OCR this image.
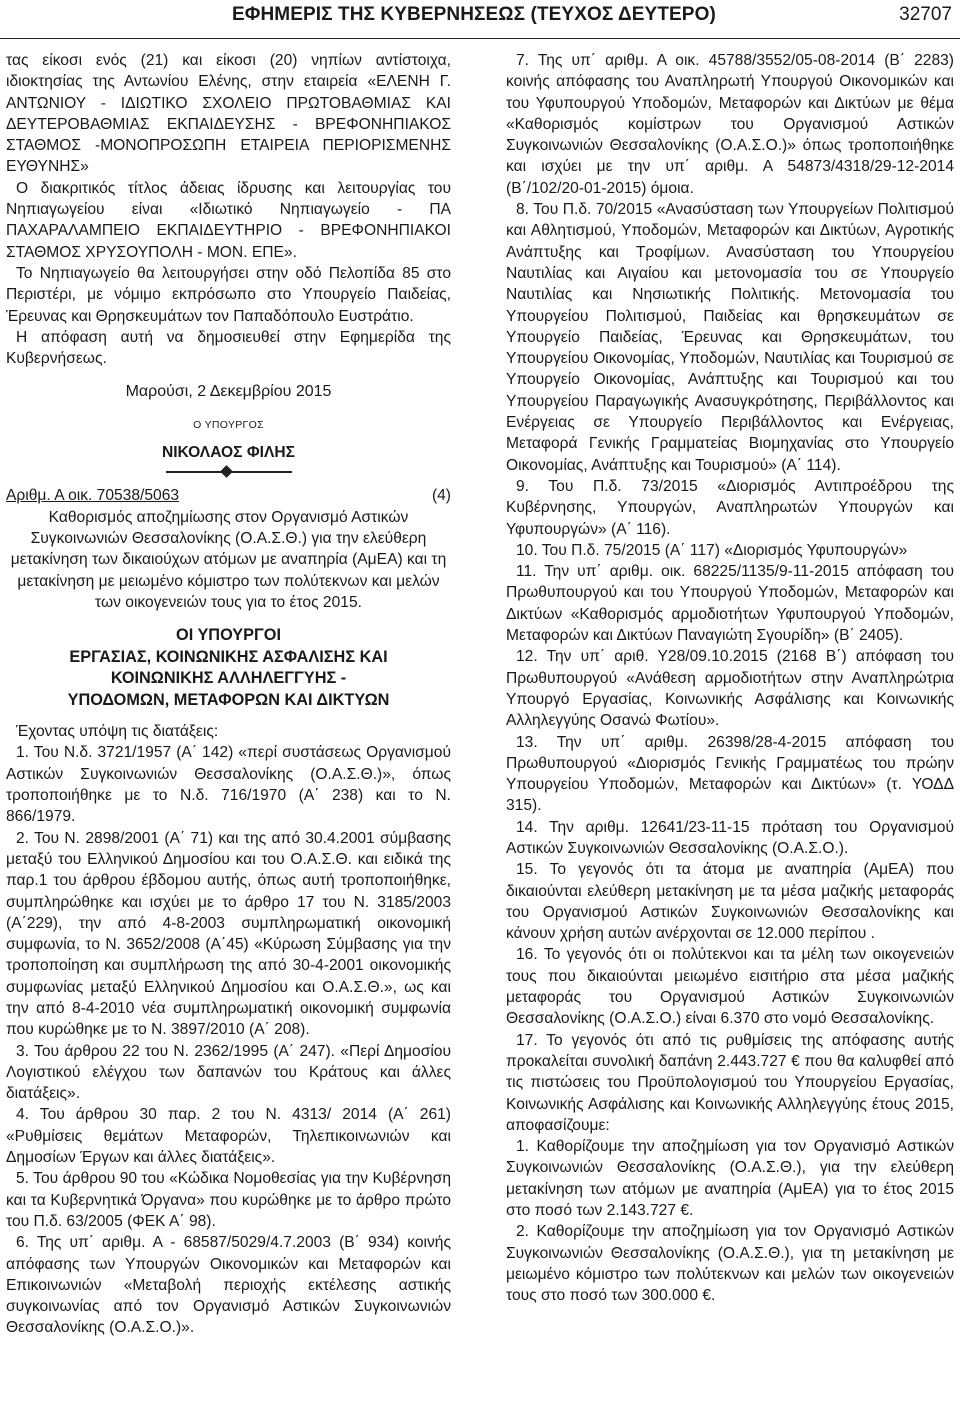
ΕΦΗΜΕΡΙΣ ΤΗΣ ΚΥΒΕΡΝΗΣΕΩΣ (ΤΕΥΧΟΣ ΔΕΥΤΕΡΟ)	32707

τας είκοσι ενός (21) και είκοσι (20) νηπίων αντίστοιχα, ιδιοκτησίας της Αντωνίου Ελένης, στην εταιρεία «ΕΛΕΝΗ Γ. ΑΝΤΩΝΙΟΥ - ΙΔΙΩΤΙΚΟ ΣΧΟΛΕΙΟ ΠΡΩΤΟΒΑΘΜΙΑΣ ΚΑΙ ΔΕΥΤΕΡΟΒΑΘΜΙΑΣ ΕΚΠΑΙΔΕΥΣΗΣ - ΒΡΕΦΟΝΗΠΙΑΚΟΣ ΣΤΑΘΜΟΣ -ΜΟΝΟΠΡΟΣΩΠΗ ΕΤΑΙΡΕΙΑ ΠΕΡΙΟΡΙΣΜΕΝΗΣ ΕΥΘΥΝΗΣ»

Ο διακριτικός τίτλος άδειας ίδρυσης και λειτουργίας του Νηπιαγωγείου είναι «Ιδιωτικό Νηπιαγωγείο - ΠΑ ΠΑΧΑΡΑΛΑΜΠΕΙΟ ΕΚΠΑΙΔΕΥΤΗΡΙΟ - ΒΡΕΦΟΝΗΠΙΑΚΟΙ ΣΤΑΘΜΟΣ ΧΡΥΣΟΥΠΟΛΗ - ΜΟΝ. ΕΠΕ».

Το Νηπιαγωγείο θα λειτουργήσει στην οδό Πελοπίδα 85 στο Περιστέρι, με νόμιμο εκπρόσωπο στο Υπουργείο Παιδείας, Έρευνας και Θρησκευμάτων τον Παπαδόπουλο Ευστράτιο.

Η απόφαση αυτή να δημοσιευθεί στην Εφημερίδα της Κυβερνήσεως.

Μαρούσι, 2 Δεκεμβρίου 2015

Ο ΥΠΟΥΡΓΟΣ

ΝΙΚΟΛΑΟΣ ΦΙΛΗΣ

Αριθμ. Α οικ. 70538/5063	(4)

Καθορισμός αποζημίωσης στον Οργανισμό Αστικών Συγκοινωνιών Θεσσαλονίκης (Ο.Α.Σ.Θ.) για την ελεύθερη μετακίνηση των δικαιούχων ατόμων με αναπηρία (ΑμΕΑ) και τη μετακίνηση με μειωμένο κόμιστρο των πολύτεκνων και μελών των οικογενειών τους για το έτος 2015.

ΟΙ ΥΠΟΥΡΓΟΙ
ΕΡΓΑΣΙΑΣ, ΚΟΙΝΩΝΙΚΗΣ ΑΣΦΑΛΙΣΗΣ ΚΑΙ
ΚΟΙΝΩΝΙΚΗΣ ΑΛΛΗΛΕΓΓΥΗΣ -
ΥΠΟΔΟΜΩΝ, ΜΕΤΑΦΟΡΩΝ ΚΑΙ ΔΙΚΤΥΩΝ

Έχοντας υπόψη τις διατάξεις:

1. Του Ν.δ. 3721/1957 (Α΄ 142) «περί συστάσεως Οργανισμού Αστικών Συγκοινωνιών Θεσσαλονίκης (Ο.Α.Σ.Θ.)», όπως τροποποιήθηκε με το Ν.δ. 716/1970 (Α΄ 238) και το Ν. 866/1979.

2. Του Ν. 2898/2001 (Α΄ 71) και της από 30.4.2001 σύμβασης μεταξύ του Ελληνικού Δημοσίου και του Ο.Α.Σ.Θ. και ειδικά της παρ.1 του άρθρου έβδομου αυτής, όπως αυτή τροποποιήθηκε, συμπληρώθηκε και ισχύει με το άρθρο 17 του Ν. 3185/2003 (Α΄229), την από 4-8-2003 συμπληρωματική οικονομική συμφωνία, το Ν. 3652/2008 (Α΄45) «Κύρωση Σύμβασης για την τροποποίηση και συμπλήρωση της από 30-4-2001 οικονομικής συμφωνίας μεταξύ Ελληνικού Δημοσίου και Ο.Α.Σ.Θ.», ως και την από 8-4-2010 νέα συμπληρωματική οικονομική συμφωνία που κυρώθηκε με το Ν. 3897/2010 (Α΄ 208).

3. Του άρθρου 22 του Ν. 2362/1995 (Α΄ 247). «Περί Δημοσίου Λογιστικού ελέγχου των δαπανών του Κράτους και άλλες διατάξεις».

4. Του άρθρου 30 παρ. 2 του Ν. 4313/ 2014 (Α΄ 261) «Ρυθμίσεις θεμάτων Μεταφορών, Τηλεπικοινωνιών και Δημοσίων Έργων και άλλες διατάξεις».

5. Του άρθρου 90 του «Κώδικα Νομοθεσίας για την Κυβέρνηση και τα Κυβερνητικά Όργανα» που κυρώθηκε με το άρθρο πρώτο του Π.δ. 63/2005 (ΦΕΚ Α΄ 98).

6. Της υπ΄ αριθμ. Α - 68587/5029/4.7.2003 (Β΄ 934) κοινής απόφασης των Υπουργών Οικονομικών και Μεταφορών και Επικοινωνιών «Μεταβολή περιοχής εκτέλεσης αστικής συγκοινωνίας από τον Οργανισμό Αστικών Συγκοινωνιών Θεσσαλονίκης (Ο.Α.Σ.Ο.)».

7. Της υπ΄ αριθμ. Α οικ. 45788/3552/05-08-2014 (Β΄ 2283) κοινής απόφασης του Αναπληρωτή Υπουργού Οικονομικών και του Υφυπουργού Υποδομών, Μεταφορών και Δικτύων με θέμα «Καθορισμός κομίστρων του Οργανισμού Αστικών Συγκοινωνιών Θεσσαλονίκης (Ο.Α.Σ.Ο.)» όπως τροποποιήθηκε και ισχύει με την υπ΄ αριθμ. Α 54873/4318/29-12-2014 (Β΄/102/20-01-2015) όμοια.

8. Του Π.δ. 70/2015 «Ανασύσταση των Υπουργείων Πολιτισμού και Αθλητισμού, Υποδομών, Μεταφορών και Δικτύων, Αγροτικής Ανάπτυξης και Τροφίμων. Ανασύσταση του Υπουργείου Ναυτιλίας και Αιγαίου και μετονομασία του σε Υπουργείο Ναυτιλίας και Νησιωτικής Πολιτικής. Μετονομασία του Υπουργείου Πολιτισμού, Παιδείας και θρησκευμάτων σε Υπουργείο Παιδείας, Έρευνας και Θρησκευμάτων, του Υπουργείου Οικονομίας, Υποδομών, Ναυτιλίας και Τουρισμού σε Υπουργείο Οικονομίας, Ανάπτυξης και Τουρισμού και του Υπουργείου Παραγωγικής Ανασυγκρότησης, Περιβάλλοντος και Ενέργειας σε Υπουργείο Περιβάλλοντος και Ενέργειας, Μεταφορά Γενικής Γραμματείας Βιομηχανίας στο Υπουργείο Οικονομίας, Ανάπτυξης και Τουρισμού» (Α΄ 114).

9. Του Π.δ. 73/2015 «Διορισμός Αντιπροέδρου της Κυβέρνησης, Υπουργών, Αναπληρωτών Υπουργών και Υφυπουργών» (Α΄ 116).

10. Του Π.δ. 75/2015 (Α΄ 117) «Διορισμός Υφυπουργών»

11. Την υπ΄ αριθμ. οικ. 68225/1135/9-11-2015 απόφαση του Πρωθυπουργού και του Υπουργού Υποδομών, Μεταφορών και Δικτύων «Καθορισμός αρμοδιοτήτων Υφυπουργού Υποδομών, Μεταφορών και Δικτύων Παναγιώτη Σγουρίδη» (Β΄ 2405).

12. Την υπ΄ αριθ. Υ28/09.10.2015 (2168 Β΄) απόφαση του Πρωθυπουργού «Ανάθεση αρμοδιοτήτων στην Αναπληρώτρια Υπουργό Εργασίας, Κοινωνικής Ασφάλισης και Κοινωνικής Αλληλεγγύης Οσανώ Φωτίου».

13. Την υπ΄ αριθμ. 26398/28-4-2015 απόφαση του Πρωθυπουργού «Διορισμός Γενικής Γραμματέως του πρώην Υπουργείου Υποδομών, Μεταφορών και Δικτύων» (τ. ΥΟΔΔ 315).

14. Την αριθμ. 12641/23-11-15 πρόταση του Οργανισμού Αστικών Συγκοινωνιών Θεσσαλονίκης (Ο.Α.Σ.Ο.).

15. Το γεγονός ότι τα άτομα με αναπηρία (ΑμΕΑ) που δικαιούνται ελεύθερη μετακίνηση με τα μέσα μαζικής μεταφοράς του Οργανισμού Αστικών Συγκοινωνιών Θεσσαλονίκης και κάνουν χρήση αυτών ανέρχονται σε 12.000 περίπου .

16. Το γεγονός ότι οι πολύτεκνοι και τα μέλη των οικογενειών τους που δικαιούνται μειωμένο εισιτήριο στα μέσα μαζικής μεταφοράς του Οργανισμού Αστικών Συγκοινωνιών Θεσσαλονίκης (Ο.Α.Σ.Ο.) είναι 6.370 στο νομό Θεσσαλονίκης.

17. Το γεγονός ότι από τις ρυθμίσεις της απόφασης αυτής προκαλείται συνολική δαπάνη 2.443.727 € που θα καλυφθεί από τις πιστώσεις του Προϋπολογισμού του Υπουργείου Εργασίας, Κοινωνικής Ασφάλισης και Κοινωνικής Αλληλεγγύης έτους 2015, αποφασίζουμε:

1. Καθορίζουμε την αποζημίωση για τον Οργανισμό Αστικών Συγκοινωνιών Θεσσαλονίκης (Ο.Α.Σ.Θ.), για την ελεύθερη μετακίνηση των ατόμων με αναπηρία (ΑμΕΑ) για το έτος 2015 στο ποσό των 2.143.727 €.

2. Καθορίζουμε την αποζημίωση για τον Οργανισμό Αστικών Συγκοινωνιών Θεσσαλονίκης (Ο.Α.Σ.Θ.), για τη μετακίνηση με μειωμένο κόμιστρο των πολύτεκνων και μελών των οικογενειών τους στο ποσό των 300.000 €.
